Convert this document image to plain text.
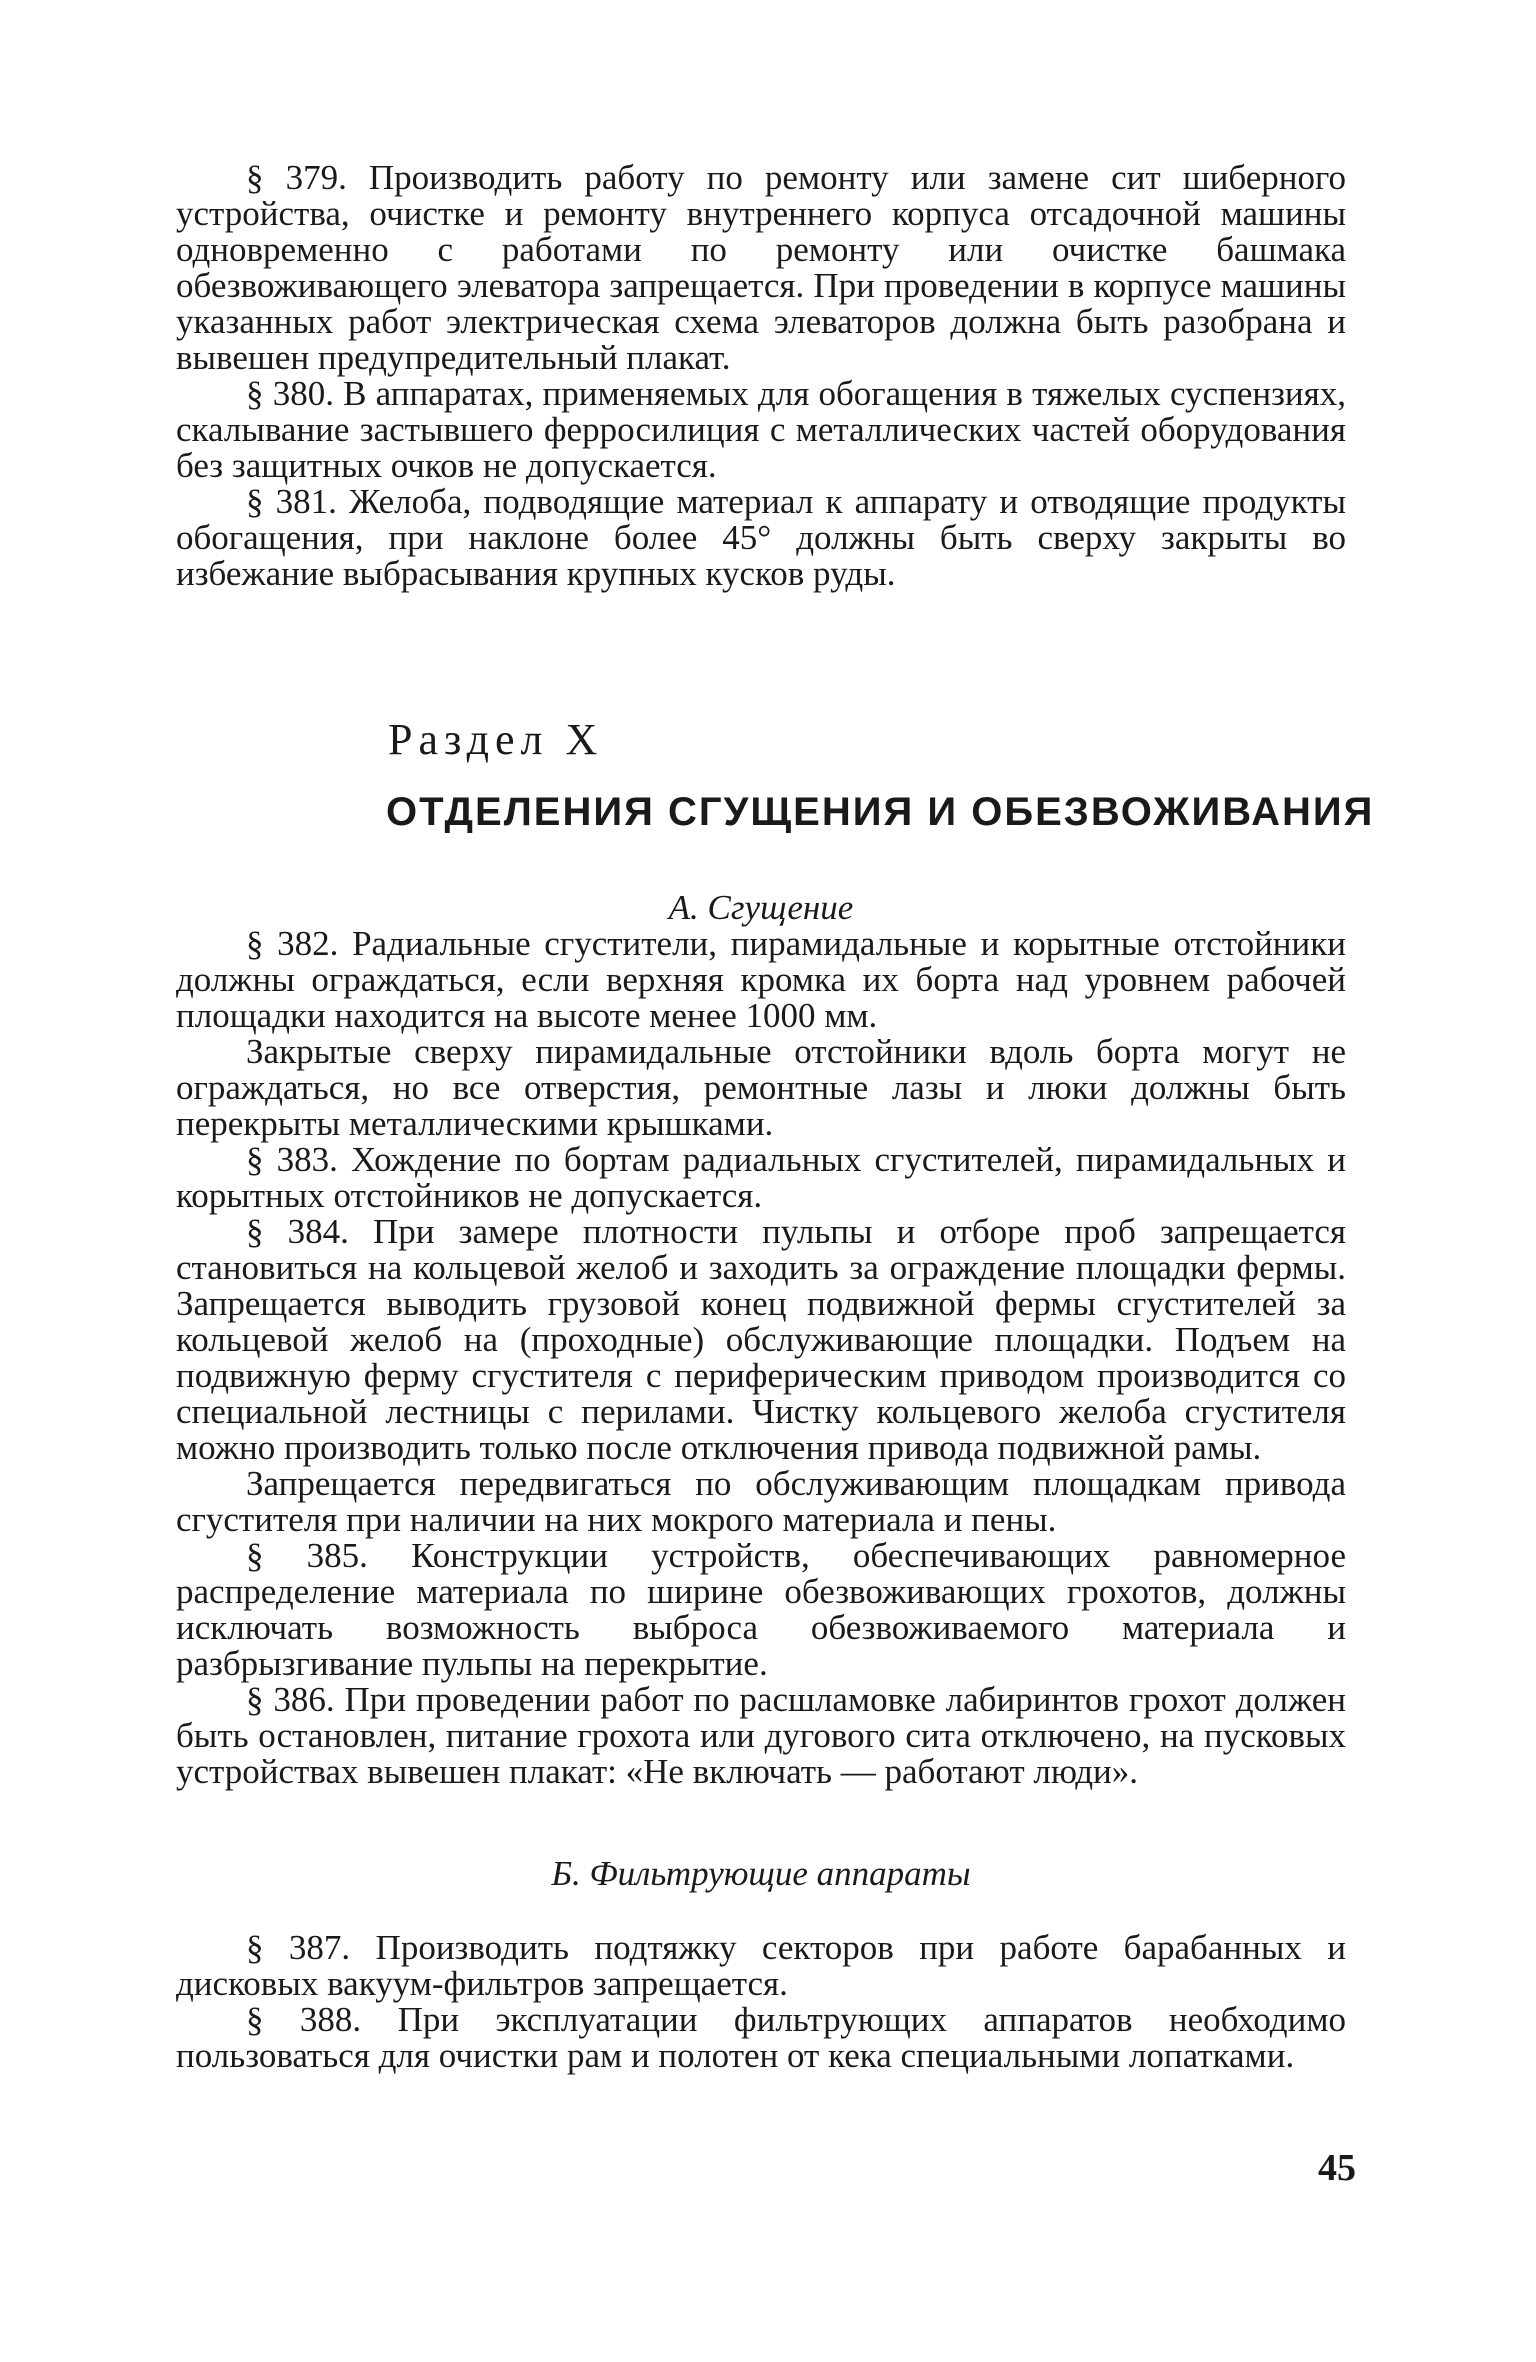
§ 379. Производить работу по ремонту или замене сит шиберного устройства, очистке и ремонту внутреннего корпуса отсадочной машины одновременно с работами по ремонту или очистке башмака обезвоживающего элеватора запрещается. При проведении в корпусе машины указанных работ электрическая схема элеваторов должна быть разобрана и вывешен предупредительный плакат.

§ 380. В аппаратах, применяемых для обогащения в тяжелых суспензиях, скалывание застывшего ферросилиция с металлических частей оборудования без защитных очков не допускается.

§ 381. Желоба, подводящие материал к аппарату и отводящие продукты обогащения, при наклоне более 45° должны быть сверху закрыты во избежание выбрасывания крупных кусков руды.

Раздел X

ОТДЕЛЕНИЯ СГУЩЕНИЯ И ОБЕЗВОЖИВАНИЯ

А. Сгущение

§ 382. Радиальные сгустители, пирамидальные и корытные отстойники должны ограждаться, если верхняя кромка их борта над уровнем рабочей площадки находится на высоте менее 1000 мм.

Закрытые сверху пирамидальные отстойники вдоль борта могут не ограждаться, но все отверстия, ремонтные лазы и люки должны быть перекрыты металлическими крышками.

§ 383. Хождение по бортам радиальных сгустителей, пирамидальных и корытных отстойников не допускается.

§ 384. При замере плотности пульпы и отборе проб запрещается становиться на кольцевой желоб и заходить за ограждение площадки фермы. Запрещается выводить грузовой конец подвижной фермы сгустителей за кольцевой желоб на (проходные) обслуживающие площадки. Подъем на подвижную ферму сгустителя с периферическим приводом производится со специальной лестницы с перилами. Чистку кольцевого желоба сгустителя можно производить только после отключения привода подвижной рамы.

Запрещается передвигаться по обслуживающим площадкам привода сгустителя при наличии на них мокрого материала и пены.

§ 385. Конструкции устройств, обеспечивающих равномерное распределение материала по ширине обезвоживающих грохотов, должны исключать возможность выброса обезвоживаемого материала и разбрызгивание пульпы на перекрытие.

§ 386. При проведении работ по расшламовке лабиринтов грохот должен быть остановлен, питание грохота или дугового сита отключено, на пусковых устройствах вывешен плакат: «Не включать — работают люди».

Б. Фильтрующие аппараты

§ 387. Производить подтяжку секторов при работе барабанных и дисковых вакуум-фильтров запрещается.

§ 388. При эксплуатации фильтрующих аппаратов необходимо пользоваться для очистки рам и полотен от кека специальными лопатками.

45
